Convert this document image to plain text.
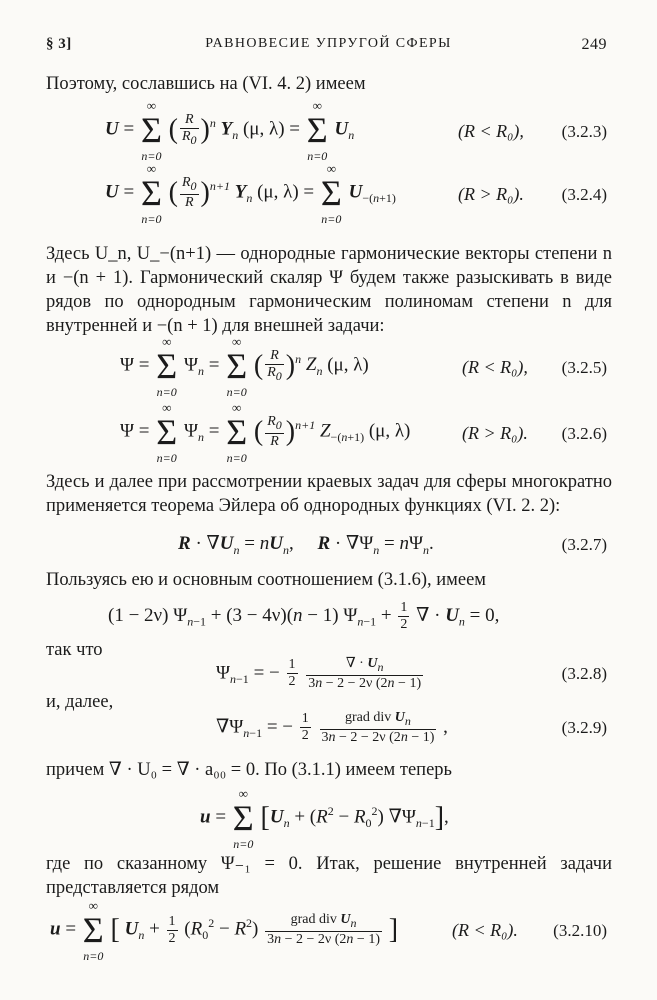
§ 3]	РАВНОВЕСИЕ УПРУГОЙ СФЕРЫ	249
Поэтому, сославшись на (VI. 4. 2) имеем
U = Σ
∞
n=0
( $\frac{R}{R_0} )^n$ $Y_n$ (μ, λ) = Σ
∞
n=0
$U_n$	(R < R₀), (3.2.3)
U = Σ
∞
n=0
( $\frac{R_0}{R} )^{n+1}$ $Y_n$ (μ, λ) = Σ
∞
n=0
$U_{-(n+1)}$	(R > R₀). (3.2.4)
Здесь U_n, U_−(n+1) — однородные гармонические векторы степени n и −(n + 1). Гармонический скаляр Ψ будем также разыскивать в виде рядов по однородным гармоническим полиномам степени n для внутренней и −(n + 1) для внешней задачи:
Ψ = Σ
∞
n=0
$\Psi_n = \Sigma$
∞
n=0
( $\frac{R}{R_0} )^n$ $Z_n$ (μ, λ)	(R < R₀), (3.2.5)
Ψ = Σ
∞
n=0
$\Psi_n = \Sigma$
∞
n=0
( $\frac{R_0}{R} )^{n+1}$ $Z_{-(n+1)}$ (μ, λ)	(R > R₀). (3.2.6)
Здесь и далее при рассмотрении краевых задач для сферы многократно применяется теорема Эйлера об однородных функциях (VI. 2. 2):
$R \cdot \nabla U_n = nU_n$,     $R \cdot \nabla\Psi_n = n\Psi_n$.	(3.2.7)
Пользуясь ею и основным соотношением (3.1.6), имеем
(1 − 2ν) $\Psi_{n-1} + (3 - 4\nu)(n - 1) \Psi_{n-1} + \frac{1}{2}$ ∇ · $U_n = 0$,
так что
$\Psi_{n-1}$ = − $\frac{1}{2}$
$\frac{\nabla \cdot U_n}{3n - 2 - 2\nu (2n - 1)}$	(3.2.8)
и, далее,
$\nabla\Psi_{n-1}$ = − $\frac{1}{2}$
$\frac{grad div U_n}{3n - 2 - 2\nu (2n - 1)}$ ,	(3.2.9)
причем ∇ · U₀ = ∇ · a₀₀ = 0. По (3.1.1) имеем теперь
u = Σ
∞
n=0
[$U_n + (R^2 - R_0^2)$ $\nabla\Psi_{n-1}$],
где по сказанному Ψ₋₁ = 0. Итак, решение внутренней задачи представляется рядом
u = Σ
∞
n=0
[ $U_n + \frac{1}{2} (R_0^2 - R^2) \frac{grad div U_n}{3n - 2 - 2\nu (2n - 1)}$ ]	(R < R₀). (3.2.10)
